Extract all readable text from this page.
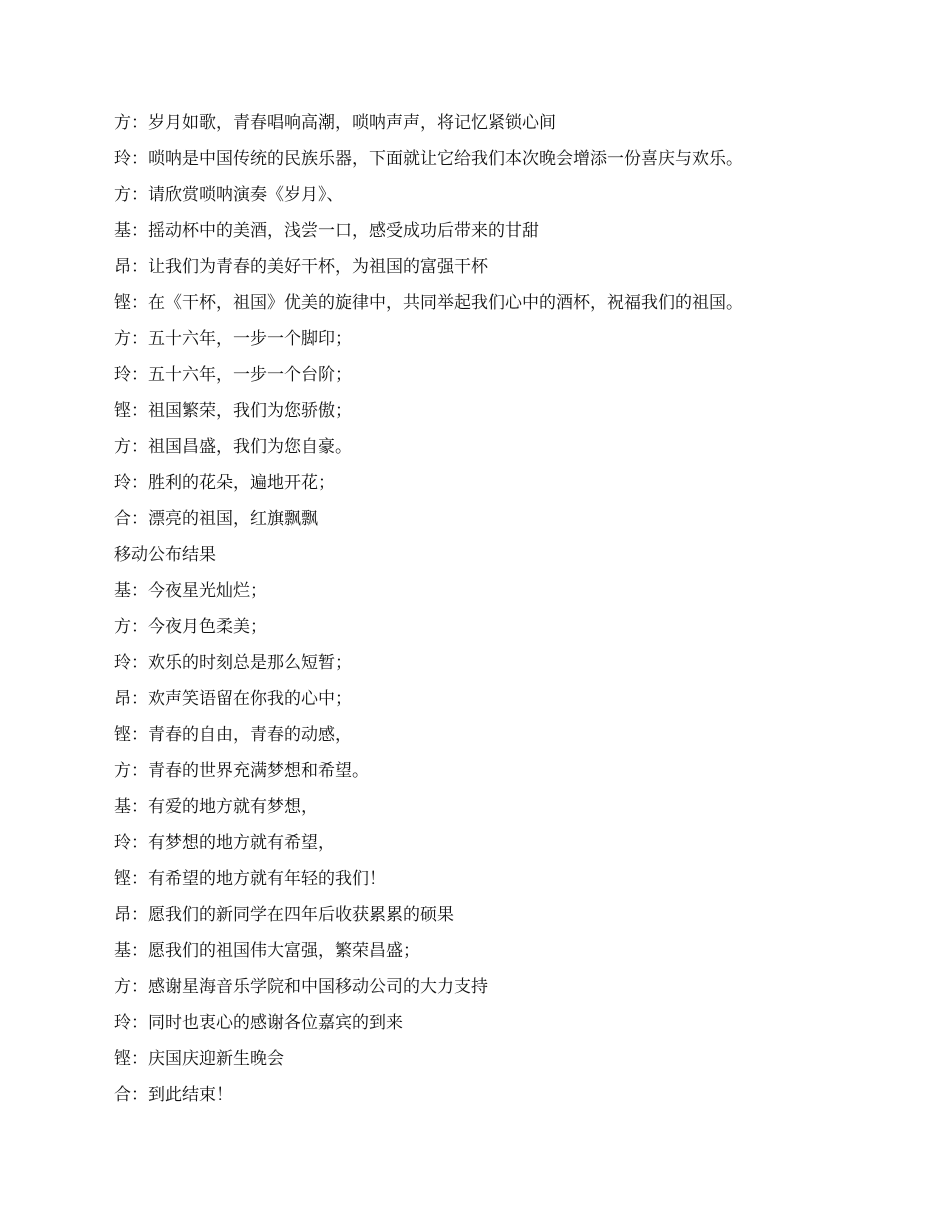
方：岁月如歌，青春唱响高潮，唢呐声声，将记忆紧锁心间
玲：唢呐是中国传统的民族乐器，下面就让它给我们本次晚会增添一份喜庆与欢乐。
方：请欣赏唢呐演奏《岁月》、
基：摇动杯中的美酒，浅尝一口，感受成功后带来的甘甜
昂：让我们为青春的美好干杯，为祖国的富强干杯
铿：在《干杯，祖国》优美的旋律中，共同举起我们心中的酒杯，祝福我们的祖国。
方：五十六年，一步一个脚印；
玲：五十六年，一步一个台阶；
铿：祖国繁荣，我们为您骄傲；
方：祖国昌盛，我们为您自豪。
玲：胜利的花朵，遍地开花；
合：漂亮的祖国，红旗飘飘
移动公布结果
基：今夜星光灿烂；
方：今夜月色柔美；
玲：欢乐的时刻总是那么短暂；
昂：欢声笑语留在你我的心中；
铿：青春的自由，青春的动感，
方：青春的世界充满梦想和希望。
基：有爱的地方就有梦想，
玲：有梦想的地方就有希望，
铿：有希望的地方就有年轻的我们！
昂：愿我们的新同学在四年后收获累累的硕果
基：愿我们的祖国伟大富强，繁荣昌盛；
方：感谢星海音乐学院和中国移动公司的大力支持
玲：同时也衷心的感谢各位嘉宾的到来
铿：庆国庆迎新生晚会
合：到此结束！
